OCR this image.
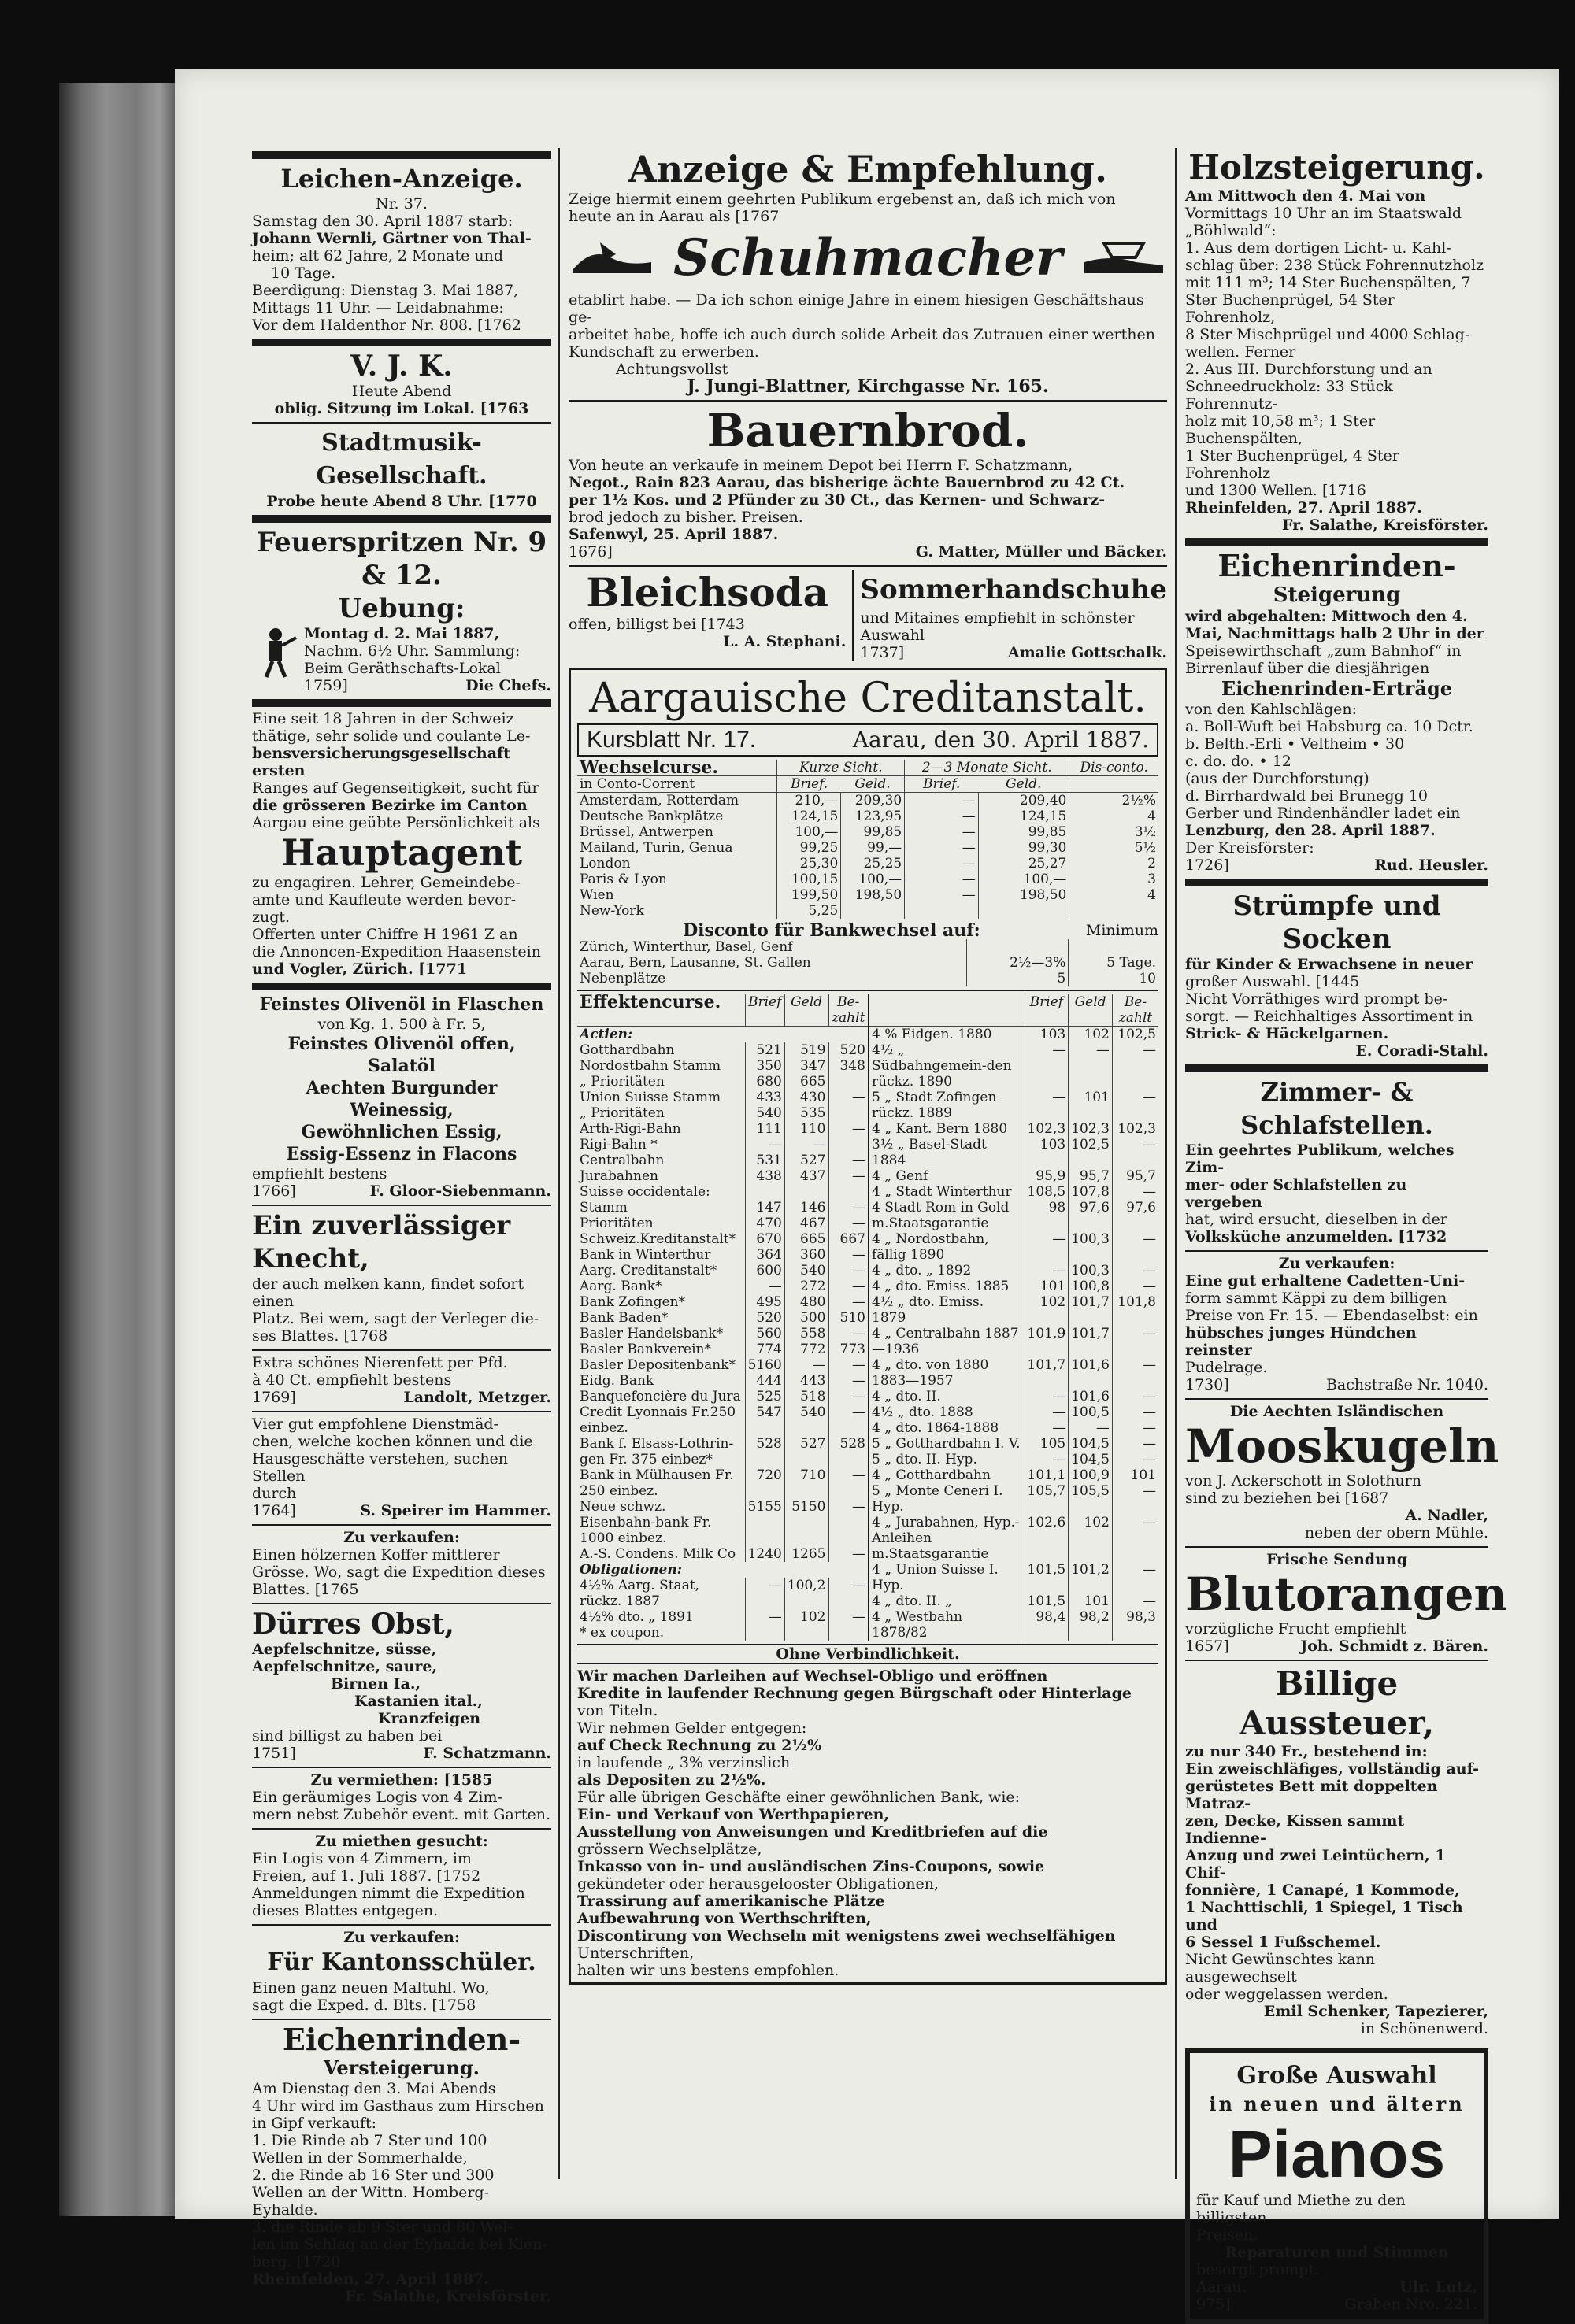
Leichen-Anzeige.

Nr. 37.

Samstag den 30. April 1887 starb:

Johann Wernli, Gärtner von Thal-

heim; alt 62 Jahre, 2 Monate und

10 Tage.

Beerdigung: Dienstag 3. Mai 1887,

Mittags 11 Uhr. — Leidabnahme:

Vor dem Haldenthor Nr. 808. [1762

V. J. K.

Heute Abend

oblig. Sitzung im Lokal. [1763

Stadtmusik-Gesellschaft.

Probe heute Abend 8 Uhr. [1770

Feuerspritzen Nr. 9 & 12.

Uebung:

Montag d. 2. Mai 1887,

Nachm. 6½ Uhr. Sammlung:

Beim Geräthschafts-Lokal

1759]	Die Chefs.

Eine seit 18 Jahren in der Schweiz

thätige, sehr solide und coulante Le-

bensversicherungsgesellschaft ersten

Ranges auf Gegenseitigkeit, sucht für

die grösseren Bezirke im Canton

Aargau eine geübte Persönlichkeit als

Hauptagent

zu engagiren. Lehrer, Gemeindebe-

amte und Kaufleute werden bevor-

zugt.

Offerten unter Chiffre H 1961 Z an

die Annoncen-Expedition Haasenstein

und Vogler, Zürich. [1771

Feinstes Olivenöl in Flaschen

von Kg. 1. 500 à Fr. 5,

Feinstes Olivenöl offen,

Salatöl

Aechten Burgunder Weinessig,

Gewöhnlichen Essig,

Essig-Essenz in Flacons

empfiehlt bestens

1766]	F. Gloor-Siebenmann.

Ein zuverlässiger Knecht,

der auch melken kann, findet sofort einen

Platz. Bei wem, sagt der Verleger die-

ses Blattes. [1768

Extra schönes Nierenfett per Pfd.

à 40 Ct. empfiehlt bestens

1769]	Landolt, Metzger.

Vier gut empfohlene Dienstmäd-

chen, welche kochen können und die

Hausgeschäfte verstehen, suchen Stellen

durch

1764]	S. Speirer im Hammer.

Zu verkaufen:

Einen hölzernen Koffer mittlerer

Grösse. Wo, sagt die Expedition dieses

Blattes. [1765

Dürres Obst,

Aepfelschnitze, süsse,

Aepfelschnitze, saure,

Birnen Ia.,

Kastanien ital.,

Kranzfeigen

sind billigst zu haben bei

1751]	F. Schatzmann.

Zu vermiethen: [1585

Ein geräumiges Logis von 4 Zim-

mern nebst Zubehör event. mit Garten.

Zu miethen gesucht:

Ein Logis von 4 Zimmern, im

Freien, auf 1. Juli 1887. [1752

Anmeldungen nimmt die Expedition

dieses Blattes entgegen.

Zu verkaufen:

Für Kantonsschüler.

Einen ganz neuen Maltuhl. Wo,

sagt die Exped. d. Blts. [1758

Eichenrinden-

Versteigerung.

Am Dienstag den 3. Mai Abends

4 Uhr wird im Gasthaus zum Hirschen

in Gipf verkauft:

1. Die Rinde ab 7 Ster und 100

Wellen in der Sommerhalde,

2. die Rinde ab 16 Ster und 300

Wellen an der Wittn. Homberg-Eyhalde.

3. die Rinde ab 9 Ster und 80 Wel-

len im Schlag an der Eyhalde bei Kien-

berg. [1720

Rheinfelden, 27. April 1887.

Fr. Salathe, Kreisförster.

Anzeige & Empfehlung.

Zeige hiermit einem geehrten Publikum ergebenst an, daß ich mich von

heute an in Aarau als [1767

Schuhmacher

etablirt habe. — Da ich schon einige Jahre in einem hiesigen Geschäftshaus ge-

arbeitet habe, hoffe ich auch durch solide Arbeit das Zutrauen einer werthen

Kundschaft zu erwerben.

Achtungsvollst

J. Jungi-Blattner, Kirchgasse Nr. 165.

Bauernbrod.

Von heute an verkaufe in meinem Depot bei Herrn F. Schatzmann,

Negot., Rain 823 Aarau, das bisherige ächte Bauernbrod zu 42 Ct.

per 1½ Kos. und 2 Pfünder zu 30 Ct., das Kernen- und Schwarz-

brod jedoch zu bisher. Preisen.

Safenwyl, 25. April 1887.

1676]	G. Matter, Müller und Bäcker.

Bleichsoda

offen, billigst bei [1743

L. A. Stephani.

Sommerhandschuhe

und Mitaines empfiehlt in schönster

Auswahl

1737]	Amalie Gottschalk.

Aargauische Creditanstalt.

Kursblatt Nr. 17.	Aarau, den 30. April 1887.
Wechselcurse.	Kurze Sicht.		2—3 Monate Sicht.		Dis-conto.
in Conto-Corrent	Brief.	Geld.	Brief.	Geld.	
Amsterdam, Rotterdam	210,—	209,30	—	209,40	2½%
Deutsche Bankplätze	124,15	123,95	—	124,15	4
Brüssel, Antwerpen	100,—	99,85	—	99,85	3½
Mailand, Turin, Genua	99,25	99,—	—	99,30	5½
London	25,30	25,25	—	25,27	2
Paris & Lyon	100,15	100,—	—	100,—	3
Wien	199,50	198,50	—	198,50	4
New-York	5,25				

Disconto für Bankwechsel auf:	Minimum

Zürich, Winterthur, Basel, Genf		
Aarau, Bern, Lausanne, St. Gallen	2½—3%	5 Tage.
Nebenplätze	5	10
Effektencurse.	Brief	Geld	Be-zahlt
Actien:			
Gotthardbahn	521	519	520
Nordostbahn Stamm	350	347	348
„ Prioritäten	680	665	
Union Suisse Stamm	433	430	—
„ Prioritäten	540	535	
Arth-Rigi-Bahn	111	110	—
Rigi-Bahn *	—	—	
Centralbahn	531	527	—
Jurabahnen	438	437	—
Suisse occidentale:			
Stamm	147	146	—
Prioritäten	470	467	—
Schweiz.Kreditanstalt*	670	665	667
Bank in Winterthur	364	360	—
Aarg. Creditanstalt*	600	540	—
Aarg. Bank*	—	272	—
Bank Zofingen*	495	480	—
Bank Baden*	520	500	510
Basler Handelsbank*	560	558	—
Basler Bankverein*	774	772	773
Basler Depositenbank*	5160	—	—
Eidg. Bank	444	443	—
Banquefoncière du Jura	525	518	—
Credit Lyonnais Fr.250 einbez.	547	540	—
Bank f. Elsass-Lothrin-gen Fr. 375 einbez*	528	527	528
Bank in Mülhausen Fr. 250 einbez.	720	710	—
Neue schwz. Eisenbahn-bank Fr. 1000 einbez.	5155	5150	—
A.-S. Condens. Milk Co	1240	1265	—
Obligationen:			
4½% Aarg. Staat, rückz. 1887	—	100,2	—
4½% dto. „ 1891	—	102	—
* ex coupon.			
	Brief	Geld	Be-zahlt
4 % Eidgen. 1880	103	102	102,5
4½ „ Südbahngemein-den rückz. 1890	—	—	—
5 „ Stadt Zofingen rückz. 1889	—	101	—
4 „ Kant. Bern 1880	102,3	102,3	102,3
3½ „ Basel-Stadt 1884	103	102,5	—
4 „ Genf	95,9	95,7	95,7
4 „ Stadt Winterthur	108,5	107,8	—
4 Stadt Rom in Gold m.Staatsgarantie	98	97,6	97,6
4 „ Nordostbahn, fällig 1890	—	100,3	—
4 „ dto. „ 1892	—	100,3	—
4 „ dto. Emiss. 1885	101	100,8	—
4½ „ dto. Emiss. 1879	102	101,7	101,8
4 „ Centralbahn 1887—1936	101,9	101,7	—
4 „ dto. von 1880 1883—1957	101,7	101,6	—
4 „ dto. II.	—	101,6	—
4½ „ dto. 1888	—	100,5	—
4 „ dto. 1864-1888	—	—	—
5 „ Gotthardbahn I. V.	105	104,5	—
5 „ dto. II. Hyp.	—	104,5	—
4 „ Gotthardbahn	101,1	100,9	101
5 „ Monte Ceneri I. Hyp.	105,7	105,5	—
4 „ Jurabahnen, Hyp.-Anleihen m.Staatsgarantie	102,6	102	—
4 „ Union Suisse I. Hyp.	101,5	101,2	—
4 „ dto. II. „	101,5	101	—
4 „ Westbahn 1878/82	98,4	98,2	98,3

Ohne Verbindlichkeit.

Wir machen Darleihen auf Wechsel-Obligo und eröffnen

Kredite in laufender Rechnung gegen Bürgschaft oder Hinterlage

von Titeln.

Wir nehmen Gelder entgegen:

auf Check Rechnung zu 2½%

in laufende „ 3% verzinslich

als Depositen zu 2½%.

Für alle übrigen Geschäfte einer gewöhnlichen Bank, wie:

Ein- und Verkauf von Werthpapieren,

Ausstellung von Anweisungen und Kreditbriefen auf die

grössern Wechselplätze,

Inkasso von in- und ausländischen Zins-Coupons, sowie

gekündeter oder herausgelooster Obligationen,

Trassirung auf amerikanische Plätze

Aufbewahrung von Werthschriften,

Discontirung von Wechseln mit wenigstens zwei wechselfähigen

Unterschriften,

halten wir uns bestens empfohlen.

Holzsteigerung.

Am Mittwoch den 4. Mai von

Vormittags 10 Uhr an im Staatswald

„Böhlwald“:

1. Aus dem dortigen Licht- u. Kahl-

schlag über: 238 Stück Fohrennutzholz

mit 111 m³; 14 Ster Buchenspälten, 7

Ster Buchenprügel, 54 Ster Fohrenholz,

8 Ster Mischprügel und 4000 Schlag-

wellen. Ferner

2. Aus III. Durchforstung und an

Schneedruckholz: 33 Stück Fohrennutz-

holz mit 10,58 m³; 1 Ster Buchenspälten,

1 Ster Buchenprügel, 4 Ster Fohrenholz

und 1300 Wellen. [1716

Rheinfelden, 27. April 1887.

Fr. Salathe, Kreisförster.

Eichenrinden-

Steigerung

wird abgehalten: Mittwoch den 4.

Mai, Nachmittags halb 2 Uhr in der

Speisewirthschaft „zum Bahnhof“ in

Birrenlauf über die diesjährigen

Eichenrinden-Erträge

von den Kahlschlägen:

a. Boll-Wuft bei Habsburg ca. 10 Dctr.

b. Belth.-Erli • Veltheim • 30

c. do. do. • 12

(aus der Durchforstung)

d. Birrhardwald bei Brunegg 10

Gerber und Rindenhändler ladet ein

Lenzburg, den 28. April 1887.

Der Kreisförster:

1726]	Rud. Heusler.

Strümpfe und Socken

für Kinder & Erwachsene in neuer

großer Auswahl. [1445

Nicht Vorräthiges wird prompt be-

sorgt. — Reichhaltiges Assortiment in

Strick- & Häckelgarnen.

E. Coradi-Stahl.

Zimmer- & Schlafstellen.

Ein geehrtes Publikum, welches Zim-

mer- oder Schlafstellen zu vergeben

hat, wird ersucht, dieselben in der

Volksküche anzumelden. [1732

Zu verkaufen:

Eine gut erhaltene Cadetten-Uni-

form sammt Käppi zu dem billigen

Preise von Fr. 15. — Ebendaselbst: ein

hübsches junges Hündchen reinster

Pudelrage.

1730]	Bachstraße Nr. 1040.

Die Aechten Isländischen

Mooskugeln

von J. Ackerschott in Solothurn

sind zu beziehen bei [1687

A. Nadler,

neben der obern Mühle.

Frische Sendung

Blutorangen

vorzügliche Frucht empfiehlt

1657]	Joh. Schmidt z. Bären.

Billige Aussteuer,

zu nur 340 Fr., bestehend in:

Ein zweischläfiges, vollständig auf-

gerüstetes Bett mit doppelten Matraz-

zen, Decke, Kissen sammt Indienne-

Anzug und zwei Leintüchern, 1 Chif-

fonnière, 1 Canapé, 1 Kommode,

1 Nachttischli, 1 Spiegel, 1 Tisch und

6 Sessel 1 Fußschemel.

Nicht Gewünschtes kann ausgewechselt

oder weggelassen werden.

Emil Schenker, Tapezierer,

in Schönenwerd.

Große Auswahl

in neuen und ältern

Pianos

für Kauf und Miethe zu den billigsten

Preisen.

Reparaturen und Stimmen

besorgt prompt.

Aarau.	Ulr. Lutz,

975]	Graben Nro. 221.
